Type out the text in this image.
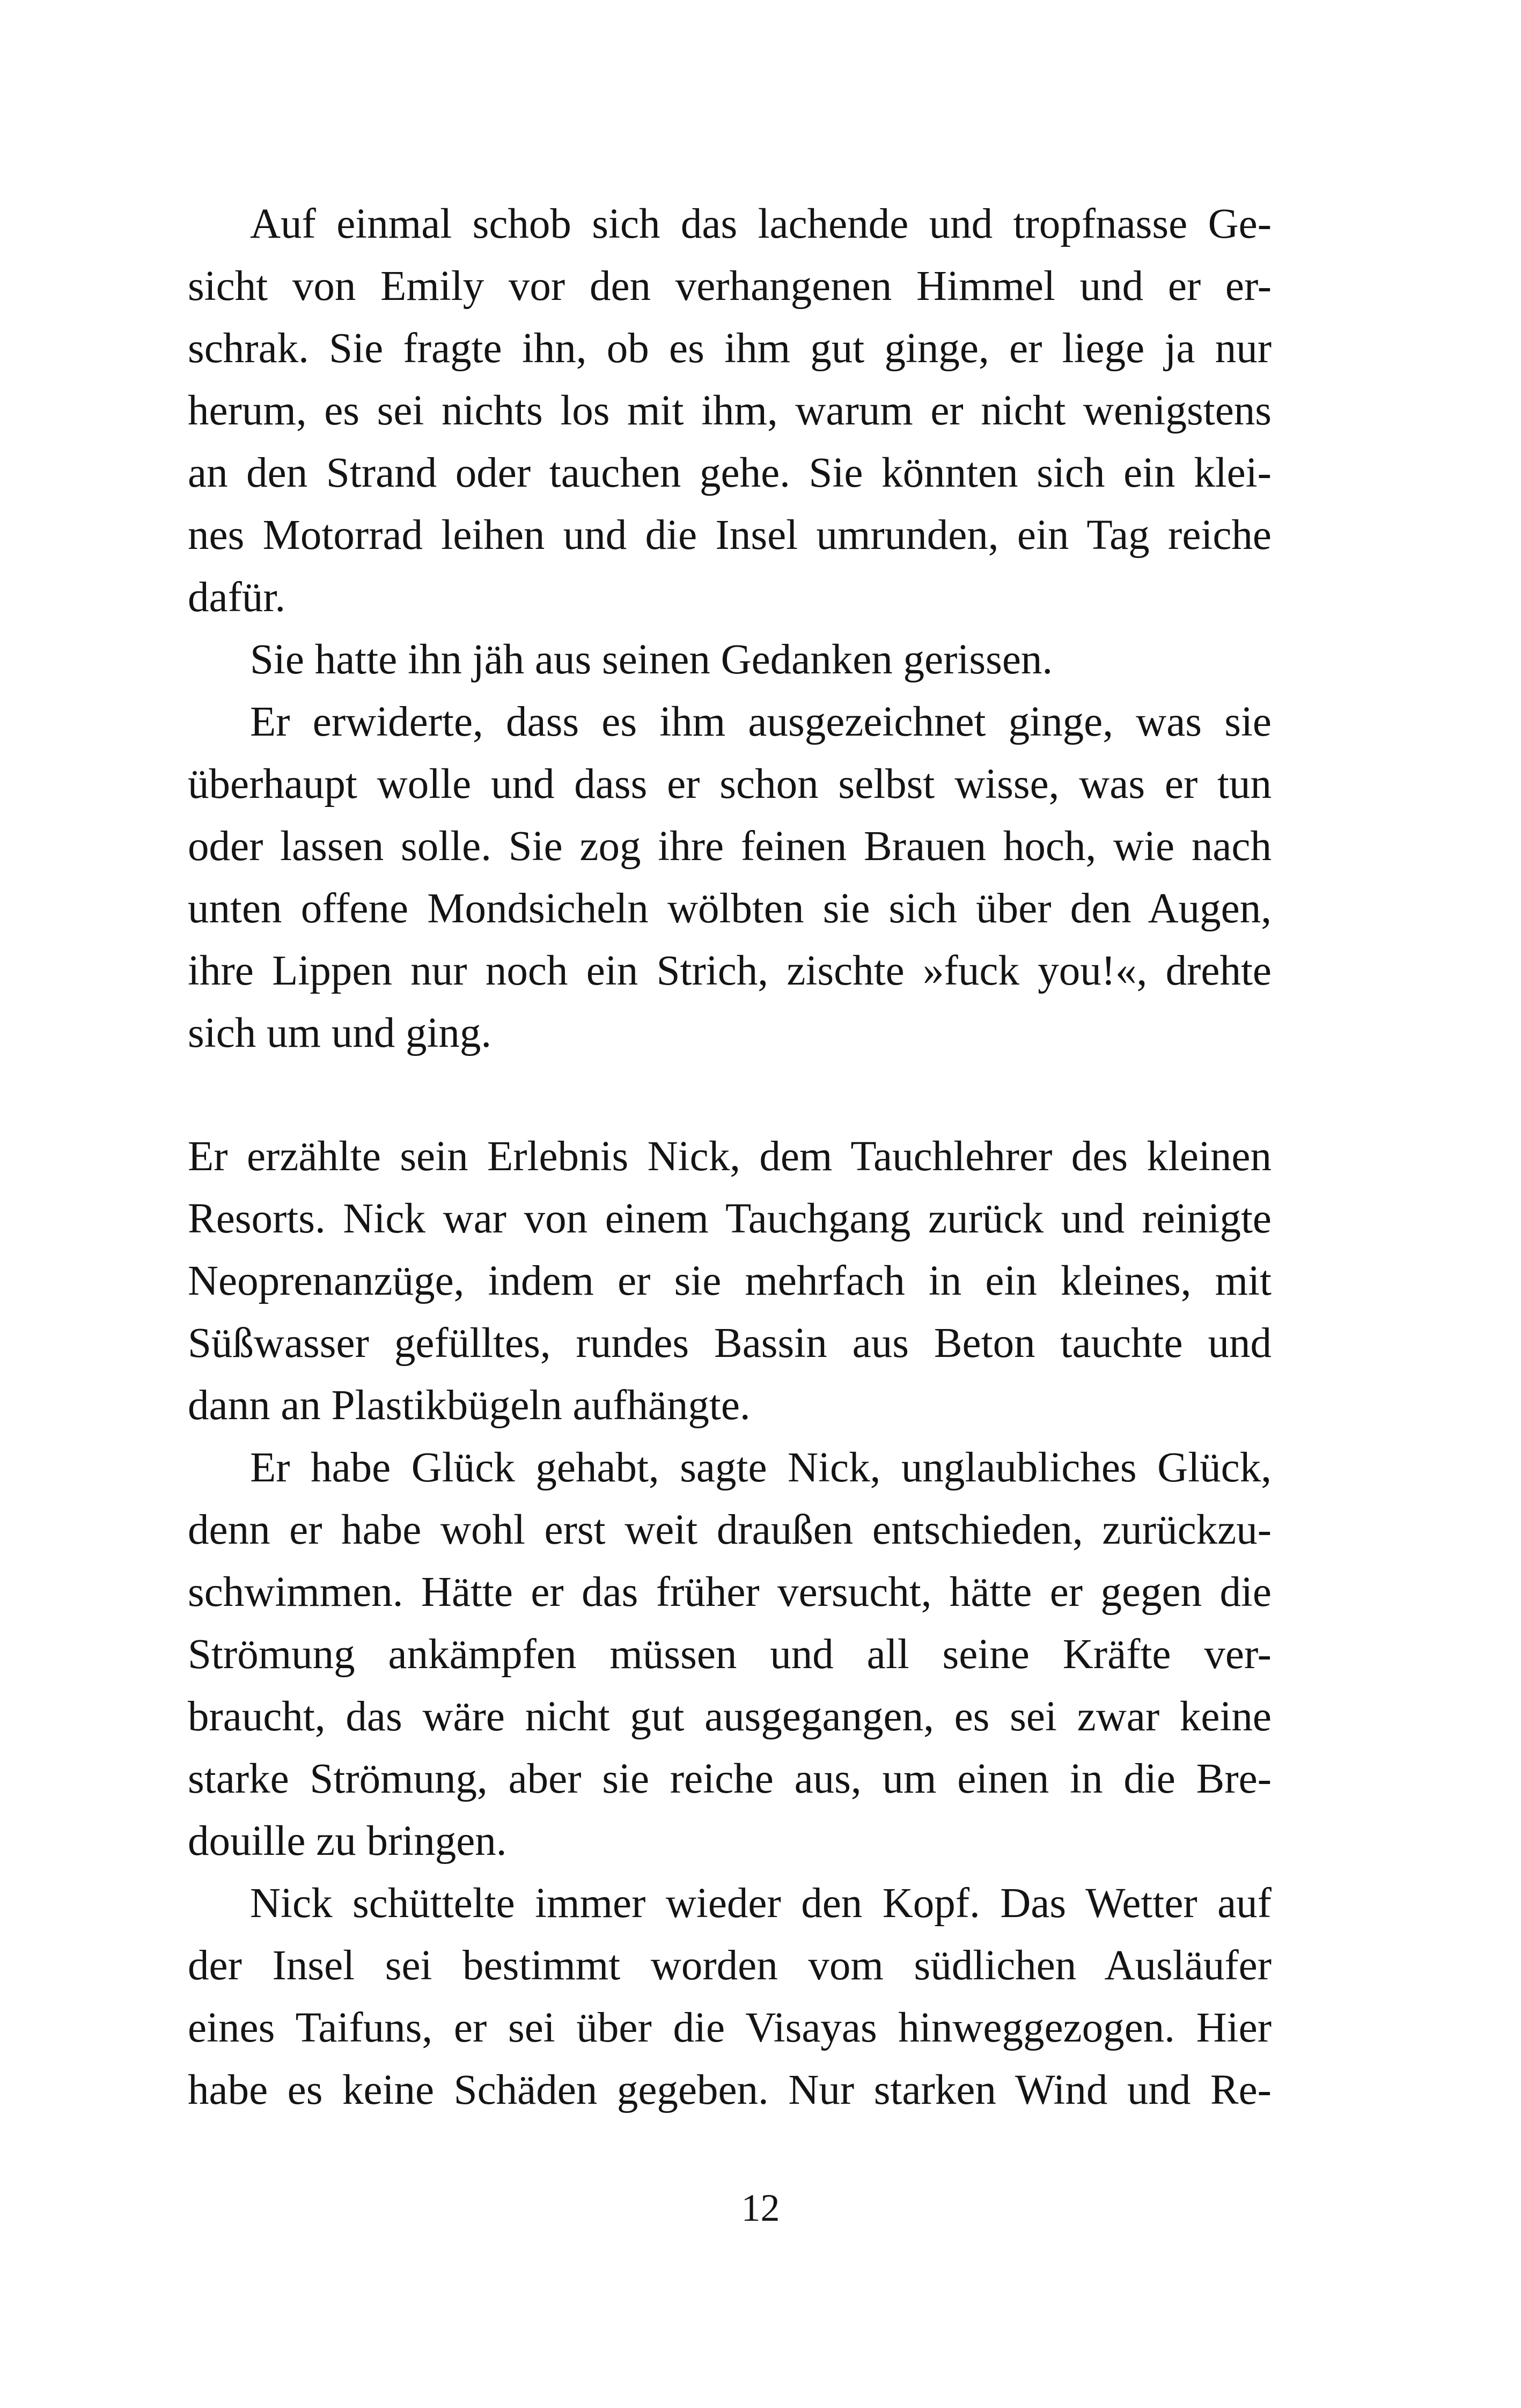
Auf einmal schob sich das lachende und tropfnasse Ge-
sicht von Emily vor den verhangenen Himmel und er er-
schrak. Sie fragte ihn, ob es ihm gut ginge, er liege ja nur
herum, es sei nichts los mit ihm, warum er nicht wenigstens
an den Strand oder tauchen gehe. Sie könnten sich ein klei-
nes Motorrad leihen und die Insel umrunden, ein Tag reiche
dafür.
Sie hatte ihn jäh aus seinen Gedanken gerissen.
Er erwiderte, dass es ihm ausgezeichnet ginge, was sie
überhaupt wolle und dass er schon selbst wisse, was er tun
oder lassen solle. Sie zog ihre feinen Brauen hoch, wie nach
unten offene Mondsicheln wölbten sie sich über den Augen,
ihre Lippen nur noch ein Strich, zischte »fuck you!«, drehte
sich um und ging.
Er erzählte sein Erlebnis Nick, dem Tauchlehrer des kleinen
Resorts. Nick war von einem Tauchgang zurück und reinigte
Neoprenanzüge, indem er sie mehrfach in ein kleines, mit
Süßwasser gefülltes, rundes Bassin aus Beton tauchte und
dann an Plastikbügeln aufhängte.
Er habe Glück gehabt, sagte Nick, unglaubliches Glück,
denn er habe wohl erst weit draußen entschieden, zurückzu-
schwimmen. Hätte er das früher versucht, hätte er gegen die
Strömung ankämpfen müssen und all seine Kräfte ver-
braucht, das wäre nicht gut ausgegangen, es sei zwar keine
starke Strömung, aber sie reiche aus, um einen in die Bre-
douille zu bringen.
Nick schüttelte immer wieder den Kopf. Das Wetter auf
der Insel sei bestimmt worden vom südlichen Ausläufer
eines Taifuns, er sei über die Visayas hinweggezogen. Hier
habe es keine Schäden gegeben. Nur starken Wind und Re-
12
